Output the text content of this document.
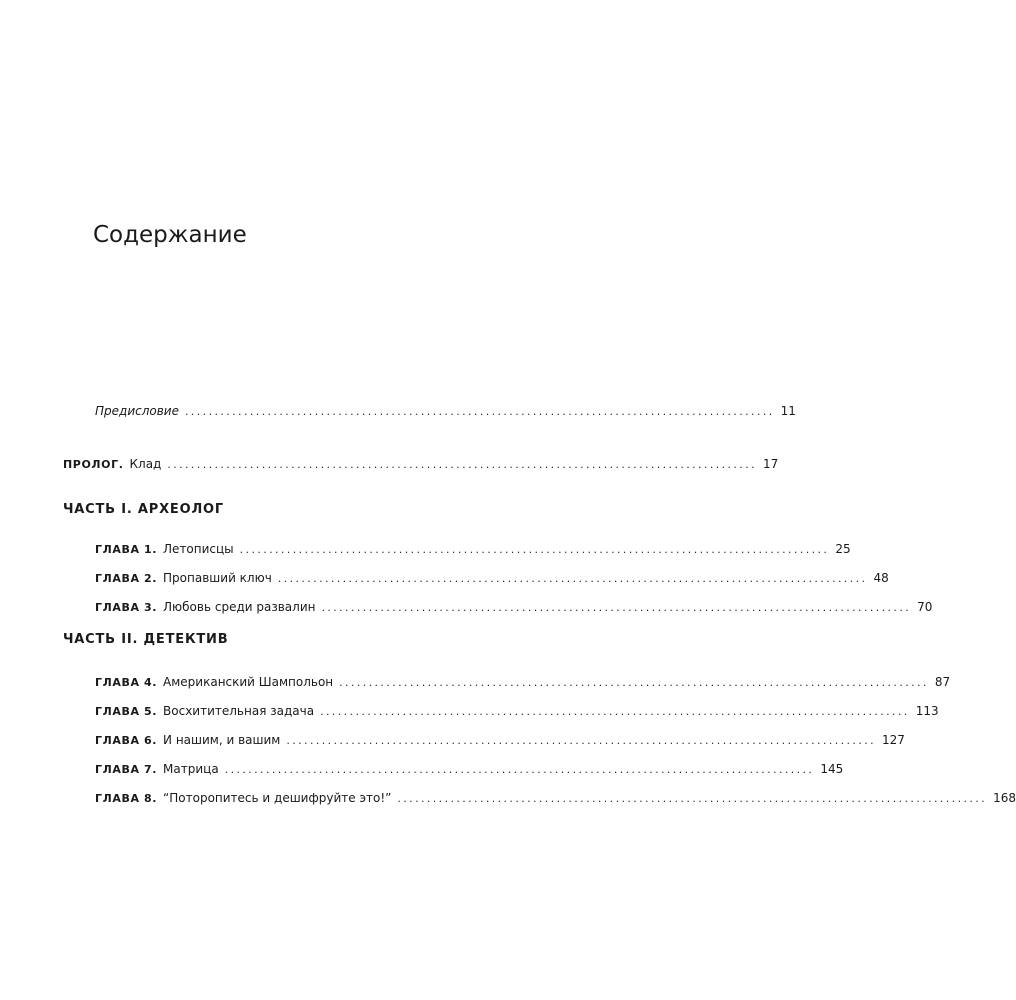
Содержание
Предисловие .................................................................................................... 11
ПРОЛОГ. Клад .................................................................................................... 17
ЧАСТЬ I. АРХЕОЛОГ
ГЛАВА 1. Летописцы .................................................................................................... 25
ГЛАВА 2. Пропавший ключ .................................................................................................... 48
ГЛАВА 3. Любовь среди развалин .................................................................................................... 70
ЧАСТЬ II. ДЕТЕКТИВ
ГЛАВА 4. Американский Шампольон .................................................................................................... 87
ГЛАВА 5. Восхитительная задача .................................................................................................... 113
ГЛАВА 6. И нашим, и вашим .................................................................................................... 127
ГЛАВА 7. Матрица .................................................................................................... 145
ГЛАВА 8. “Поторопитесь и дешифруйте это!” .................................................................................................... 168
